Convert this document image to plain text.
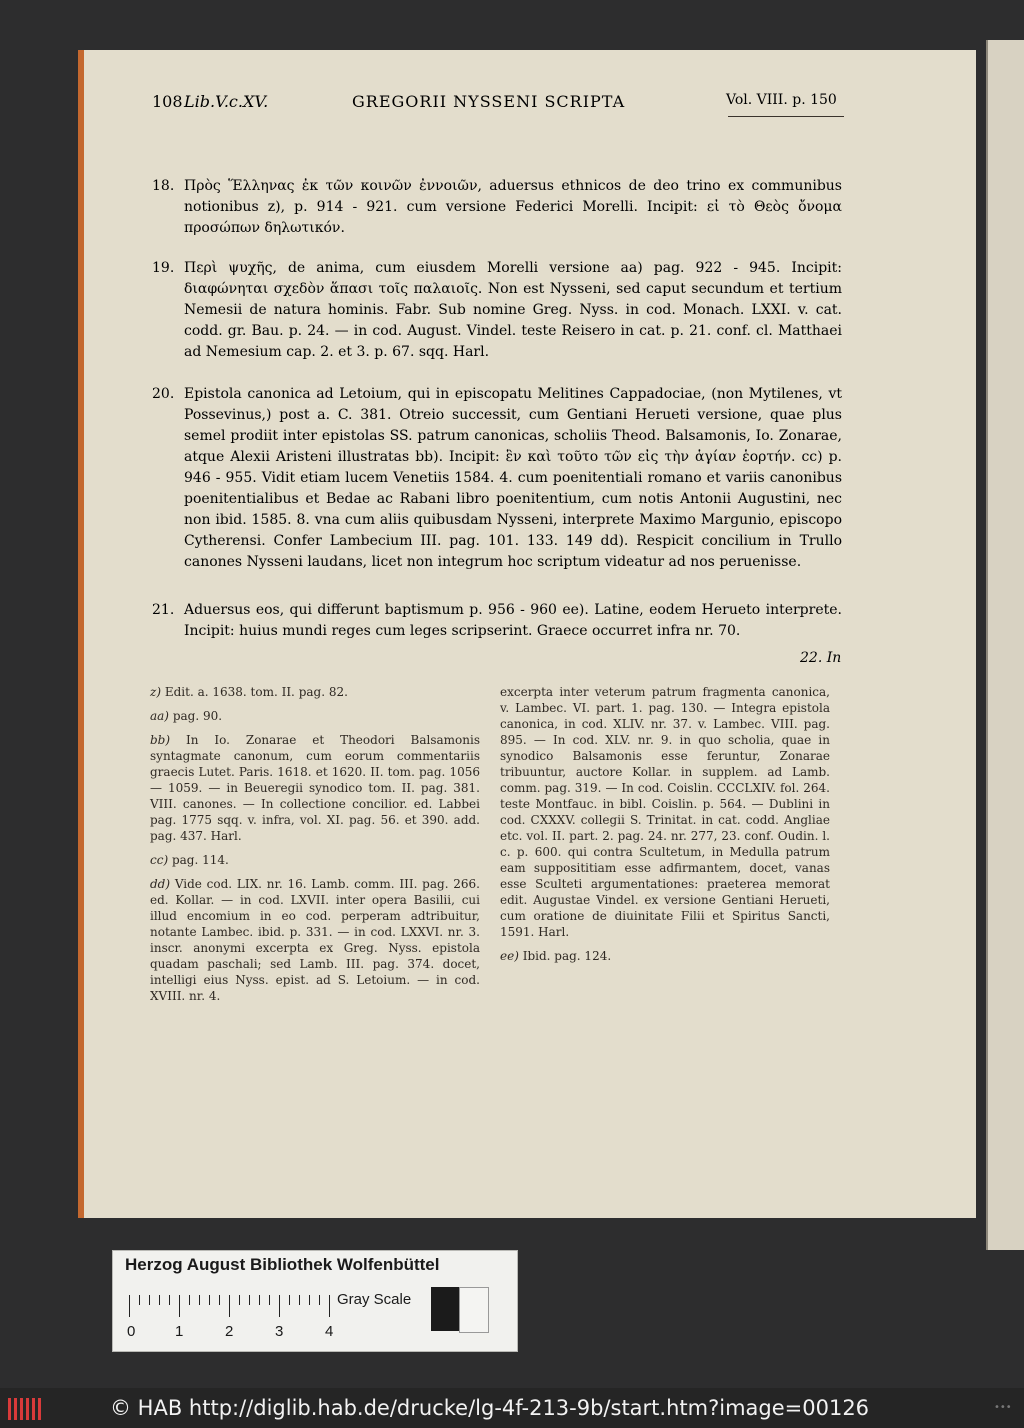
108 Lib.V.c.XV.	GREGORII NYSSENI SCRIPTA	Vol. VIII. p. 150
18. Πρὸς Ἕλληνας ἐκ τῶν κοινῶν ἐννοιῶν, aduersus ethnicos de deo trino ex communibus notionibus z), p. 914 - 921. cum versione Federici Morelli. Incipit: εἰ τὸ Θεὸς ὄνομα προσώπων δηλωτικόν.
19. Περὶ ψυχῆς, de anima, cum eiusdem Morelli versione aa) pag. 922 - 945. Incipit: διαφώνηται σχεδὸν ἅπασι τοῖς παλαιοῖς. Non est Nysseni, sed caput secundum et tertium Nemesii de natura hominis. Fabr. Sub nomine Greg. Nyss. in cod. Monach. LXXI. v. cat. codd. gr. Bau. p. 24. — in cod. August. Vindel. teste Reisero in cat. p. 21. conf. cl. Matthaei ad Nemesium cap. 2. et 3. p. 67. sqq. Harl.
20. Epistola canonica ad Letoium, qui in episcopatu Melitines Cappadociae, (non Mytilenes, vt Possevinus,) post a. C. 381. Otreio successit, cum Gentiani Herueti versione, quae plus semel prodiit inter epistolas SS. patrum canonicas, scholiis Theod. Balsamonis, Io. Zonarae, atque Alexii Aristeni illustratas bb). Incipit: ἓν καὶ τοῦτο τῶν εἰς τὴν ἁγίαν ἑορτήν. cc) p. 946 - 955. Vidit etiam lucem Venetiis 1584. 4. cum poenitentiali romano et variis canonibus poenitentialibus et Bedae ac Rabani libro poenitentium, cum notis Antonii Augustini, nec non ibid. 1585. 8. vna cum aliis quibusdam Nysseni, interprete Maximo Margunio, episcopo Cytherensi. Confer Lambecium III. pag. 101. 133. 149 dd). Respicit concilium in Trullo canones Nysseni laudans, licet non integrum hoc scriptum videatur ad nos peruenisse.
21. Aduersus eos, qui differunt baptismum p. 956 - 960 ee). Latine, eodem Herueto interprete. Incipit: huius mundi reges cum leges scripserint. Graece occurret infra nr. 70.
22. In
z) Edit. a. 1638. tom. II. pag. 82.
aa) pag. 90.
bb) In Io. Zonarae et Theodori Balsamonis syntagmate canonum, cum eorum commentariis graecis Lutet. Paris. 1618. et 1620. II. tom. pag. 1056 — 1059. — in Beueregii synodico tom. II. pag. 381. VIII. canones. — In collectione concilior. ed. Labbei pag. 1775 sqq. v. infra, vol. XI. pag. 56. et 390. add. pag. 437. Harl.
cc) pag. 114.
dd) Vide cod. LIX. nr. 16. Lamb. comm. III. pag. 266. ed. Kollar. — in cod. LXVII. inter opera Basilii, cui illud encomium in eo cod. perperam adtribuitur, notante Lambec. ibid. p. 331. — in cod. LXXVI. nr. 3. inscr. anonymi excerpta ex Greg. Nyss. epistola quadam paschali; sed Lamb. III. pag. 374. docet, intelligi eius Nyss. epist. ad S. Letoium. — in cod. XVIII. nr. 4.
excerpta inter veterum patrum fragmenta canonica, v. Lambec. VI. part. 1. pag. 130. — Integra epistola canonica, in cod. XLIV. nr. 37. v. Lambec. VIII. pag. 895. — In cod. XLV. nr. 9. in quo scholia, quae in synodico Balsamonis esse feruntur, Zonarae tribuuntur, auctore Kollar. in supplem. ad Lamb. comm. pag. 319. — In cod. Coislin. CCCLXIV. fol. 264. teste Montfauc. in bibl. Coislin. p. 564. — Dublini in cod. CXXXV. collegii S. Trinitat. in cat. codd. Angliae etc. vol. II. part. 2. pag. 24. nr. 277, 23. conf. Oudin. l. c. p. 600. qui contra Scultetum, in Medulla patrum eam supposititiam esse adfirmantem, docet, vanas esse Sculteti argumentationes: praeterea memorat edit. Augustae Vindel. ex versione Gentiani Herueti, cum oratione de diuinitate Filii et Spiritus Sancti, 1591. Harl.
ee) Ibid. pag. 124.
Herzog August Bibliothek Wolfenbüttel
0	1	2	3	4
Gray Scale
© HAB http://diglib.hab.de/drucke/lg-4f-213-9b/start.htm?image=00126	•••
